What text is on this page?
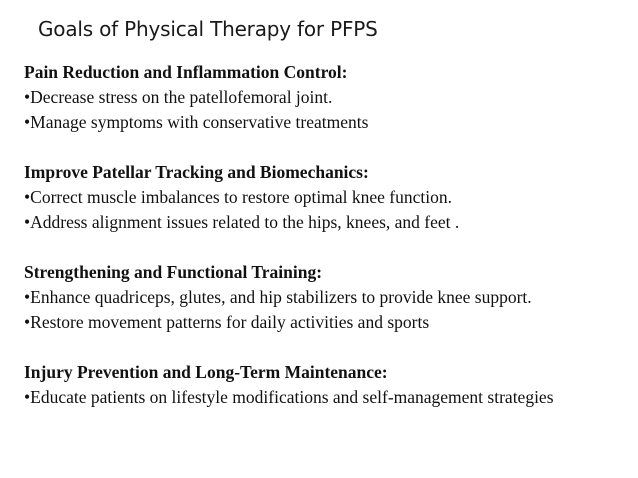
Goals of Physical Therapy for PFPS

Pain Reduction and Inflammation Control:

•Decrease stress on the patellofemoral joint.
•Manage symptoms with conservative treatments

Improve Patellar Tracking and Biomechanics:

•Correct muscle imbalances to restore optimal knee function.
•Address alignment issues related to the hips, knees, and feet .

Strengthening and Functional Training:

•Enhance quadriceps, glutes, and hip stabilizers to provide knee support.
•Restore movement patterns for daily activities and sports

Injury Prevention and Long-Term Maintenance:

•Educate patients on lifestyle modifications and self-management strategies
